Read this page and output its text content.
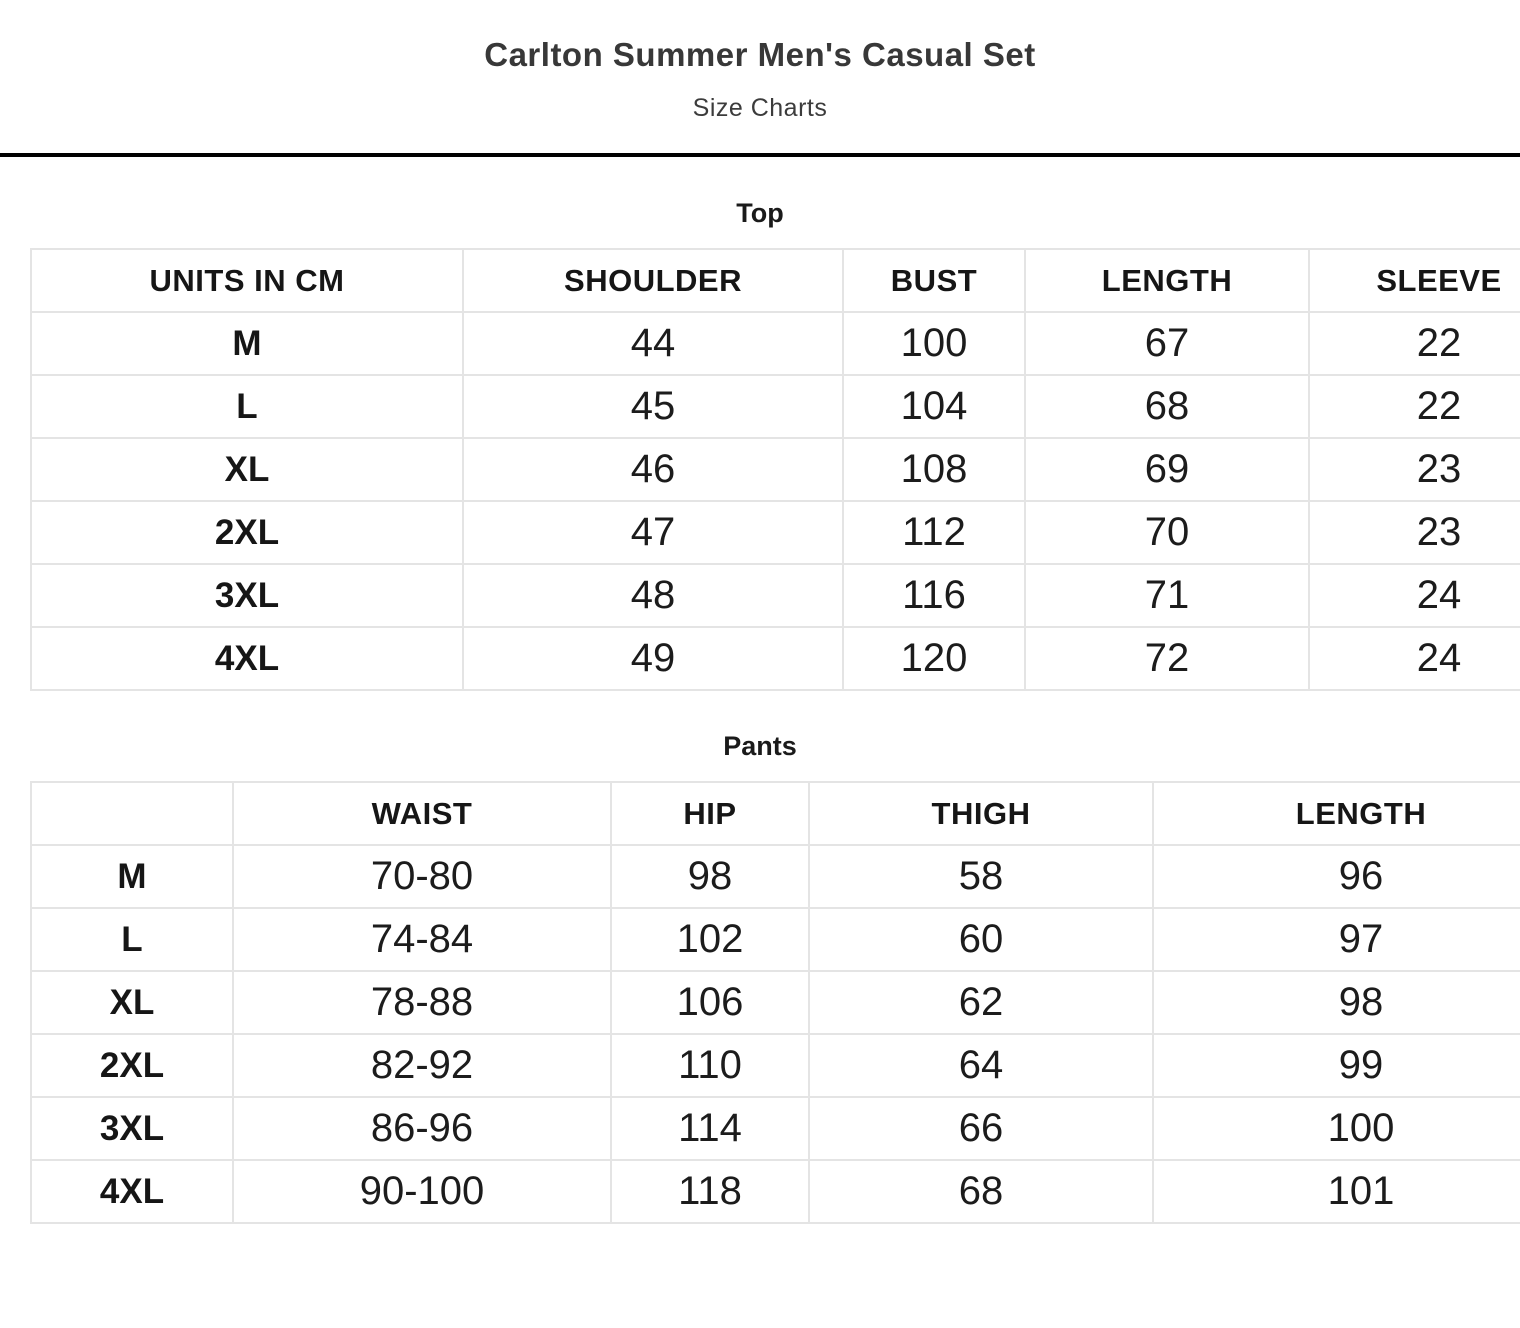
Carlton Summer Men's Casual Set
Size Charts
Top
UNITS IN CM	SHOULDER	BUST	LENGTH	SLEEVE
M	44	100	67	22
L	45	104	68	22
XL	46	108	69	23
2XL	47	112	70	23
3XL	48	116	71	24
4XL	49	120	72	24
Pants
	WAIST	HIP	THIGH	LENGTH
M	70-80	98	58	96
L	74-84	102	60	97
XL	78-88	106	62	98
2XL	82-92	110	64	99
3XL	86-96	114	66	100
4XL	90-100	118	68	101
